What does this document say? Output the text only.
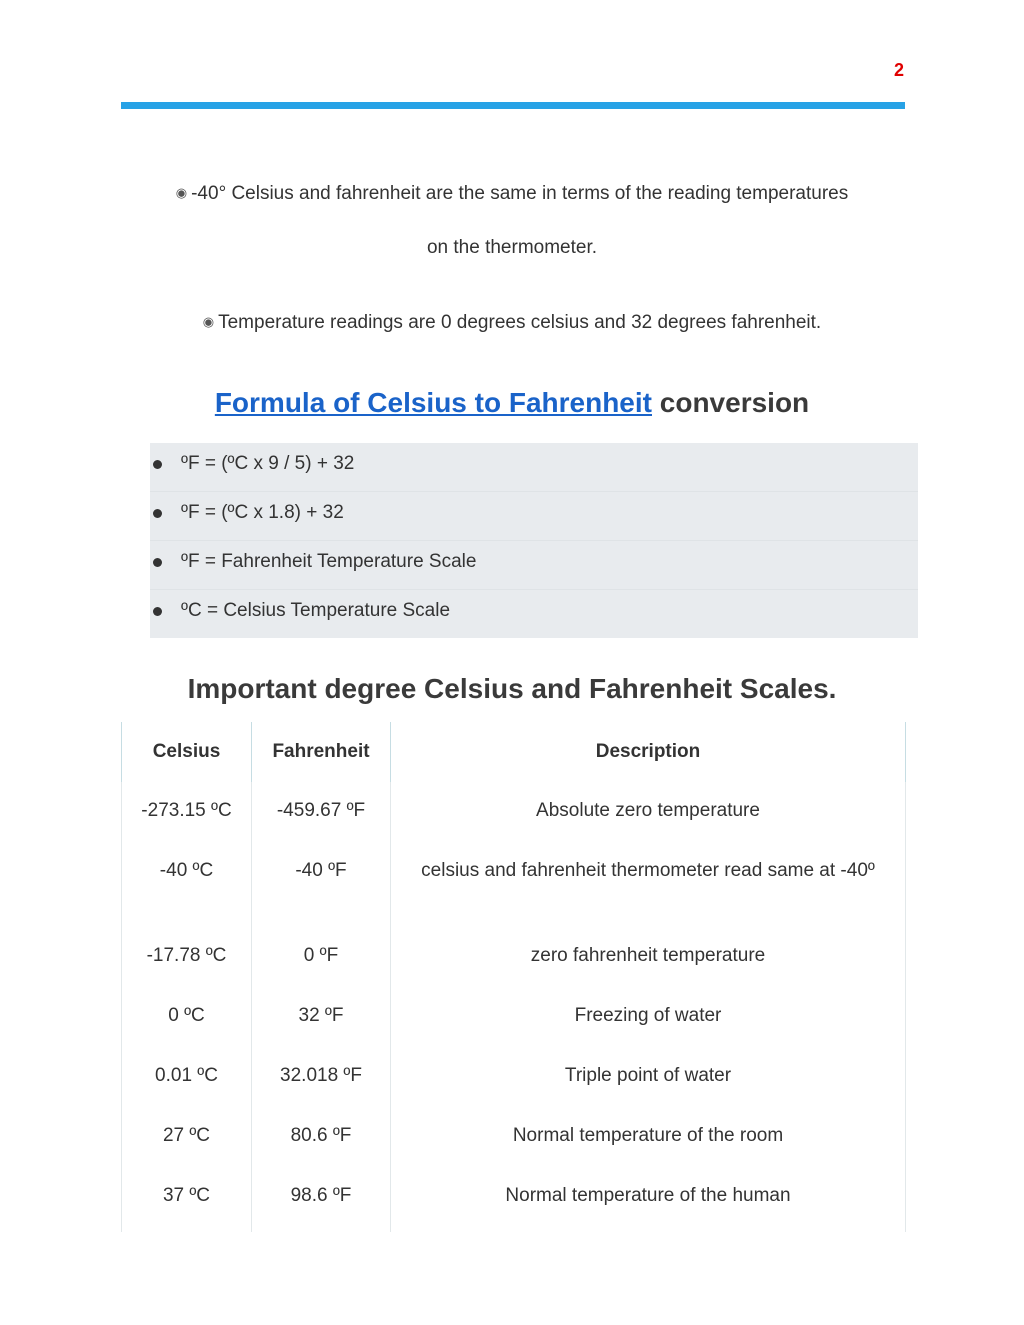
2
◉ -40° Celsius and fahrenheit are the same in terms of the reading temperatures
on the thermometer.
◉ Temperature readings are 0 degrees celsius and 32 degrees fahrenheit.
Formula of Celsius to Fahrenheit conversion
ºF = (ºC x 9 / 5) + 32
ºF = (ºC x 1.8) + 32
ºF = Fahrenheit Temperature Scale
ºC = Celsius Temperature Scale
Important degree Celsius and Fahrenheit Scales.
Celsius	Fahrenheit	Description
-273.15 ºC	-459.67 ºF	Absolute zero temperature
-40 ºC	-40 ºF	celsius and fahrenheit thermometer read same at -40º
-17.78 ºC	0 ºF	zero fahrenheit temperature
0 ºC	32 ºF	Freezing of water
0.01 ºC	32.018 ºF	Triple point of water
27 ºC	80.6 ºF	Normal temperature of the room
37 ºC	98.6 ºF	Normal temperature of the human
